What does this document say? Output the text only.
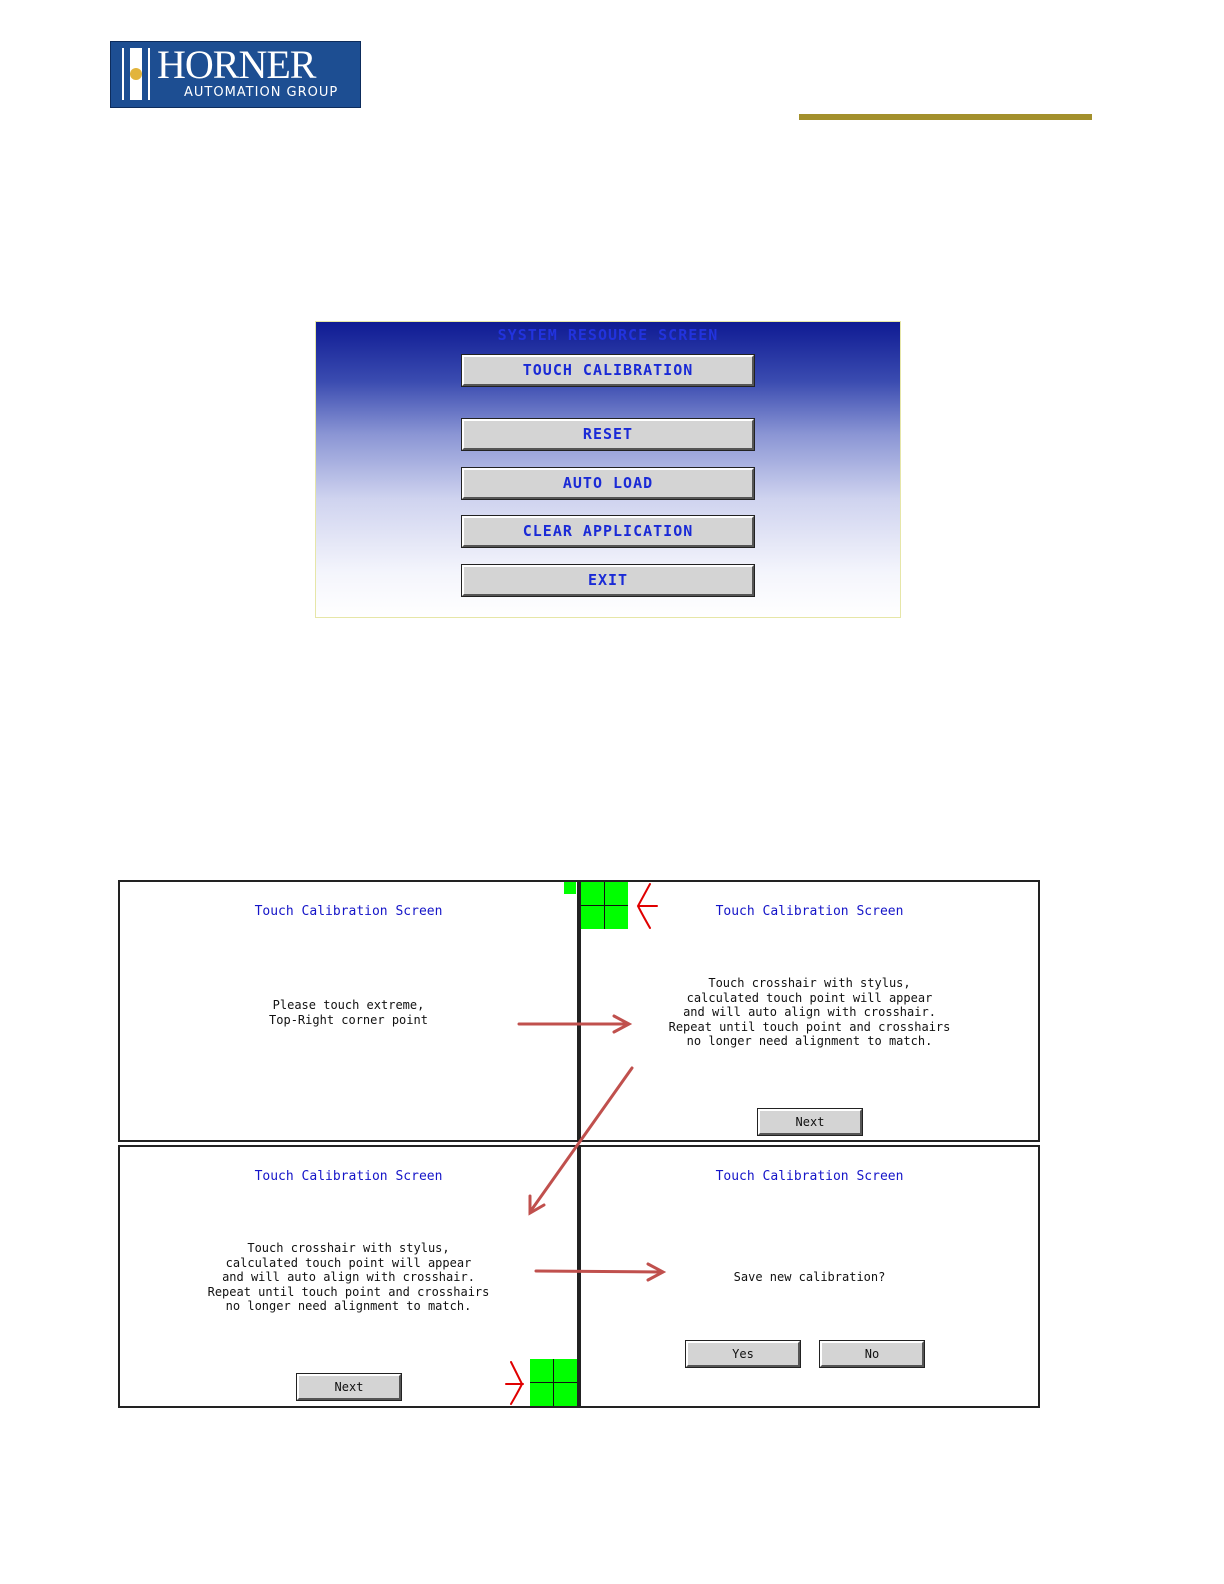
HORNER
AUTOMATION GROUP
SYSTEM RESOURCE SCREEN
TOUCH CALIBRATION
RESET
AUTO LOAD
CLEAR APPLICATION
EXIT
Touch Calibration Screen
Please touch extreme,
Top-Right corner point
Touch Calibration Screen
Touch crosshair with stylus,
calculated touch point will appear
and will auto align with crosshair.
Repeat until touch point and crosshairs
no longer need alignment to match.
Next
Touch Calibration Screen
Touch crosshair with stylus,
calculated touch point will appear
and will auto align with crosshair.
Repeat until touch point and crosshairs
no longer need alignment to match.
Next
Touch Calibration Screen
Save new calibration?
Yes	No
